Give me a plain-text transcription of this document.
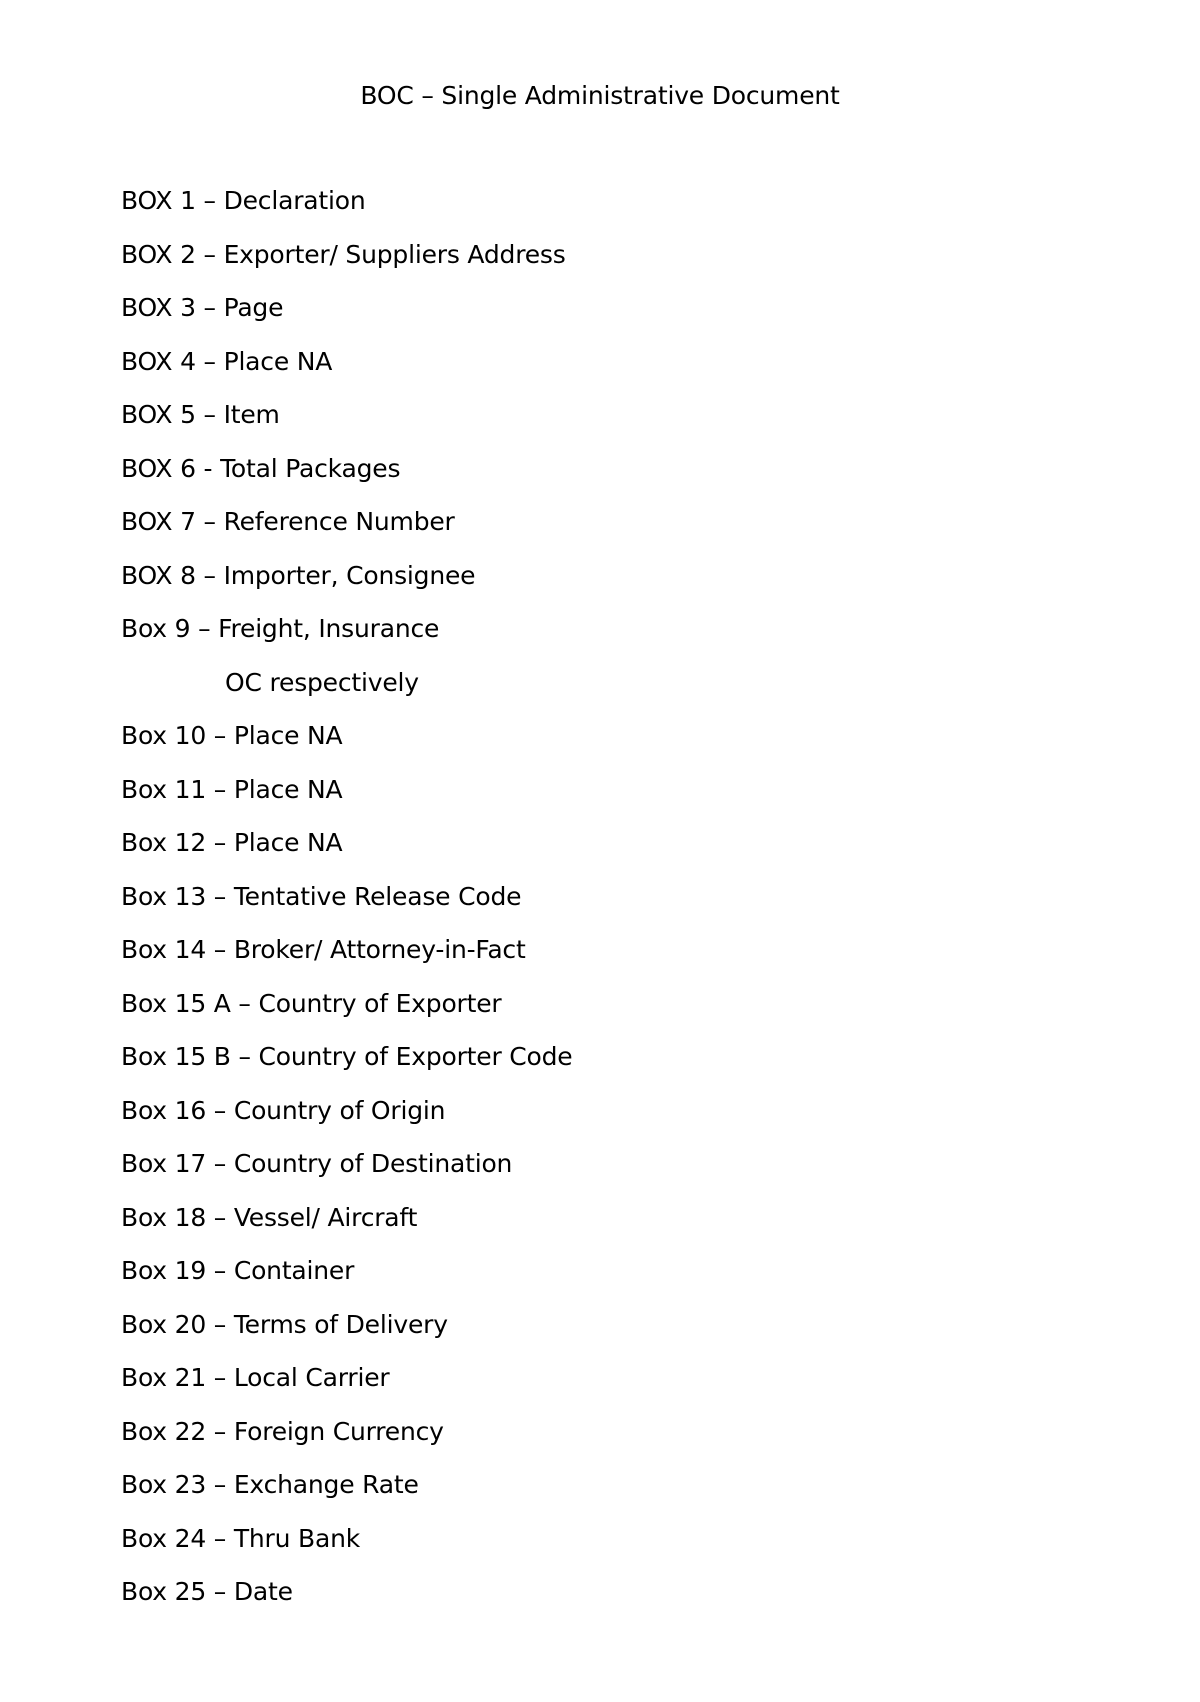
BOC – Single Administrative Document
BOX 1 – Declaration
BOX 2 – Exporter/ Suppliers Address
BOX 3 – Page
BOX 4 – Place NA
BOX 5 – Item
BOX 6 - Total Packages
BOX 7 – Reference Number
BOX 8 – Importer, Consignee
Box 9 – Freight, Insurance
OC respectively
Box 10 – Place NA
Box 11 – Place NA
Box 12 – Place NA
Box 13 – Tentative Release Code
Box 14 – Broker/ Attorney-in-Fact
Box 15 A – Country of Exporter
Box 15 B – Country of Exporter Code
Box 16 – Country of Origin
Box 17 – Country of Destination
Box 18 – Vessel/ Aircraft
Box 19 – Container
Box 20 – Terms of Delivery
Box 21 – Local Carrier
Box 22 – Foreign Currency
Box 23 – Exchange Rate
Box 24 – Thru Bank
Box 25 – Date
